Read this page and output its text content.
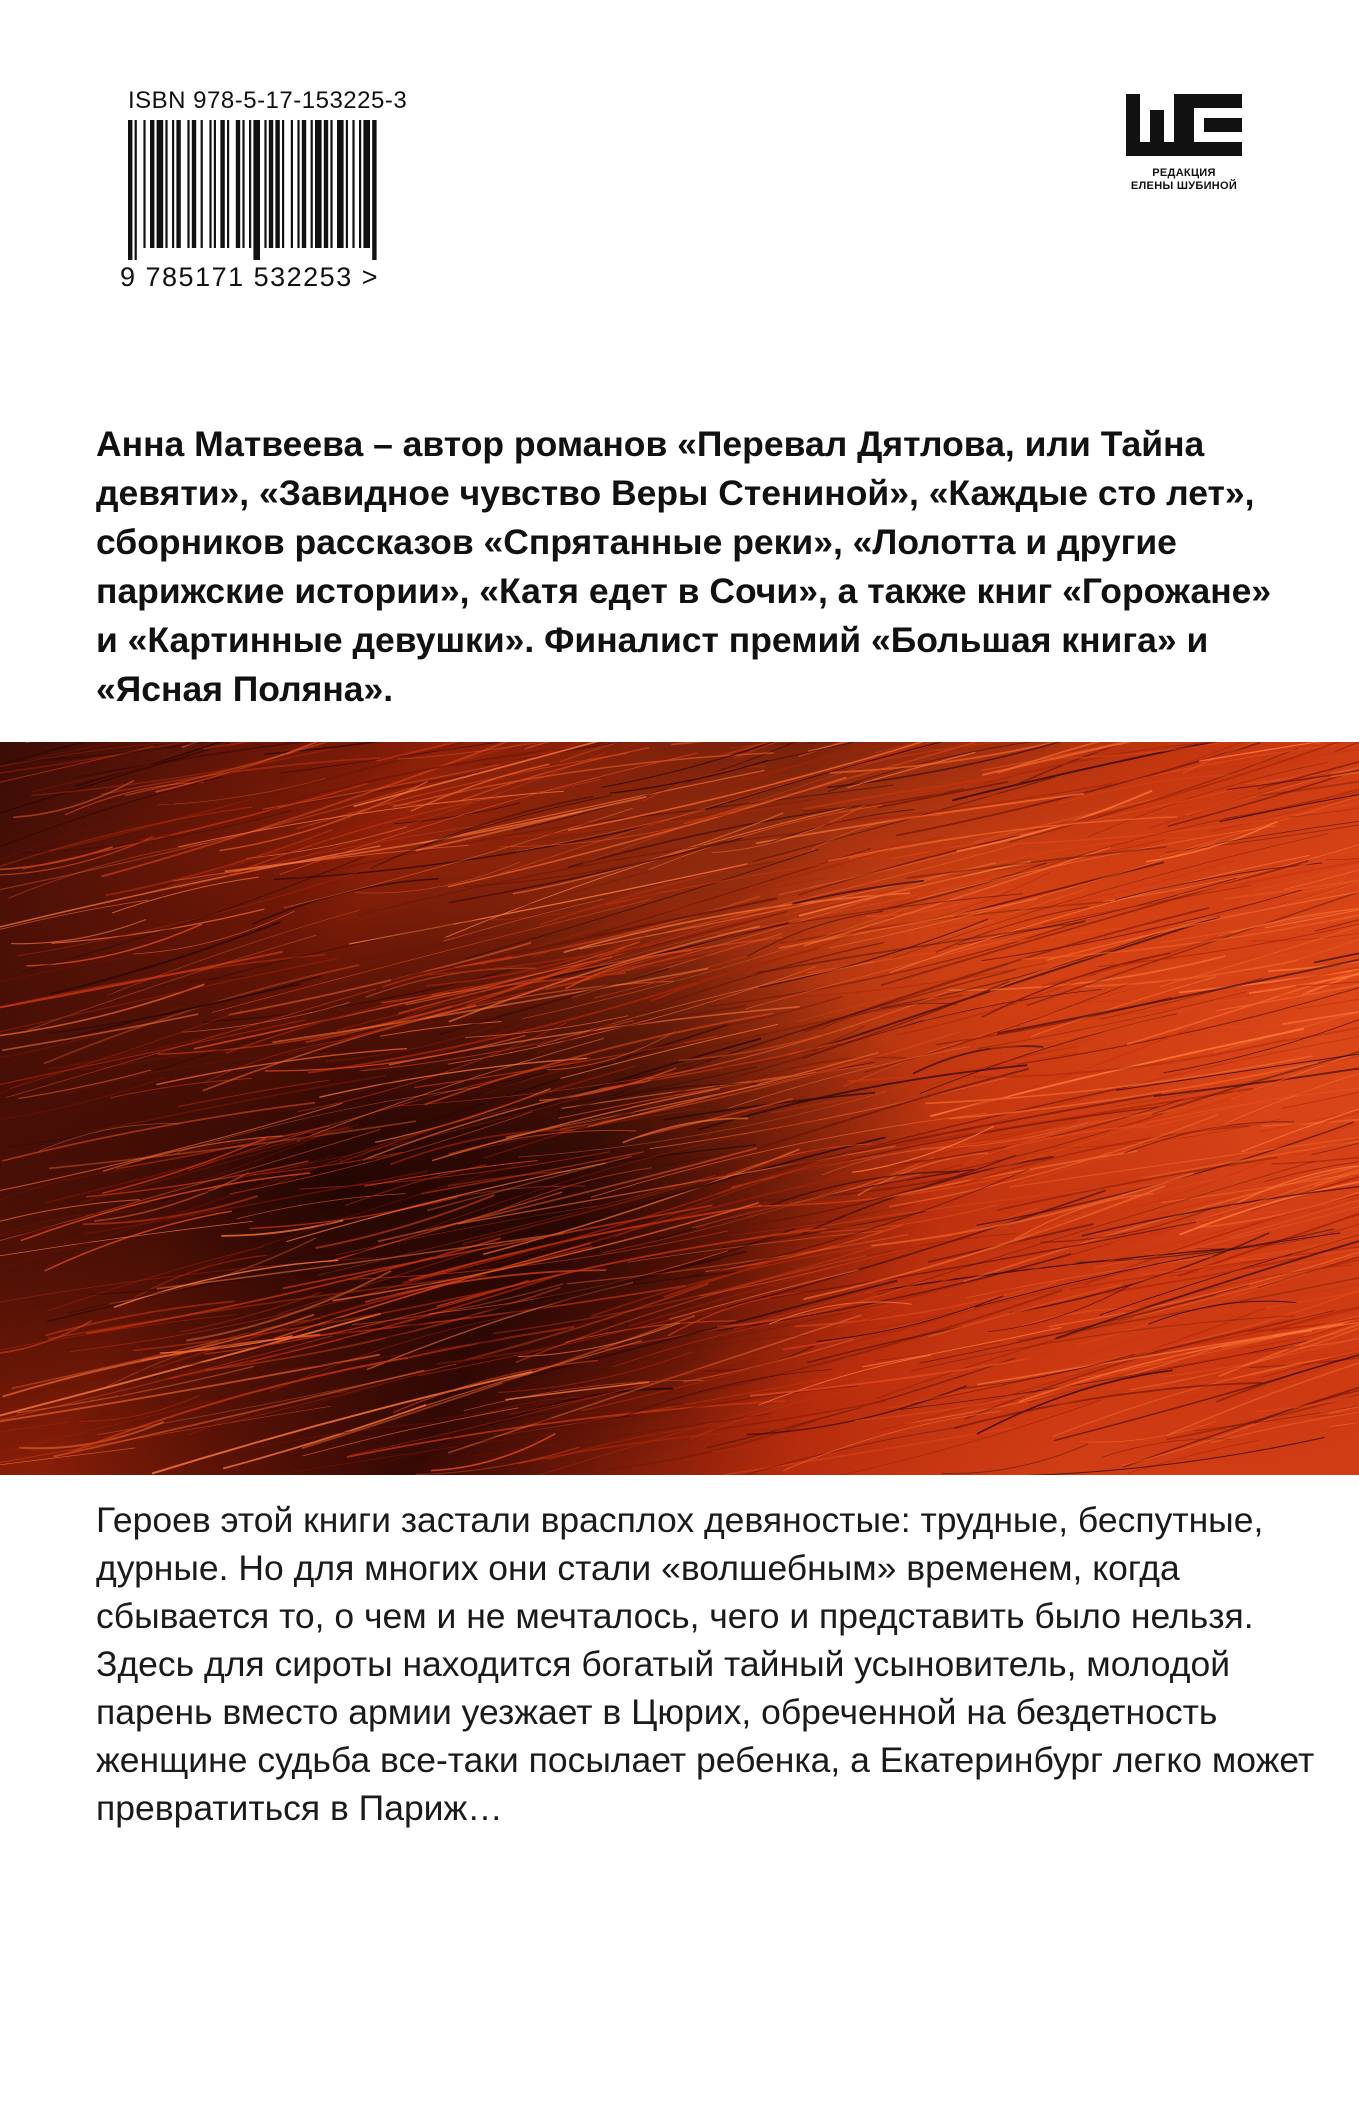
ISBN 978-5-17-153225-3
9 785171 532253 >
РЕДАКЦИЯ
ЕЛЕНЫ ШУБИНОЙ

Анна Матвеева – автор романов «Перевал Дятлова, или Тайна девяти», «Завидное чувство Веры Стениной», «Каждые сто лет», сборников рассказов «Спрятанные реки», «Лолотта и другие парижские истории», «Катя едет в Сочи», а также книг «Горожане» и «Картинные девушки». Финалист премий «Большая книга» и «Ясная Поляна».

Героев этой книги застали врасплох девяностые: трудные, беспутные, дурные. Но для многих они стали «волшебным» временем, когда сбывается то, о чем и не мечталось, чего и представить было нельзя. Здесь для сироты находится богатый тайный усыновитель, молодой парень вместо армии уезжает в Цюрих, обреченной на бездетность женщине судьба все-таки посылает ребенка, а Екатеринбург легко может превратиться в Париж…
